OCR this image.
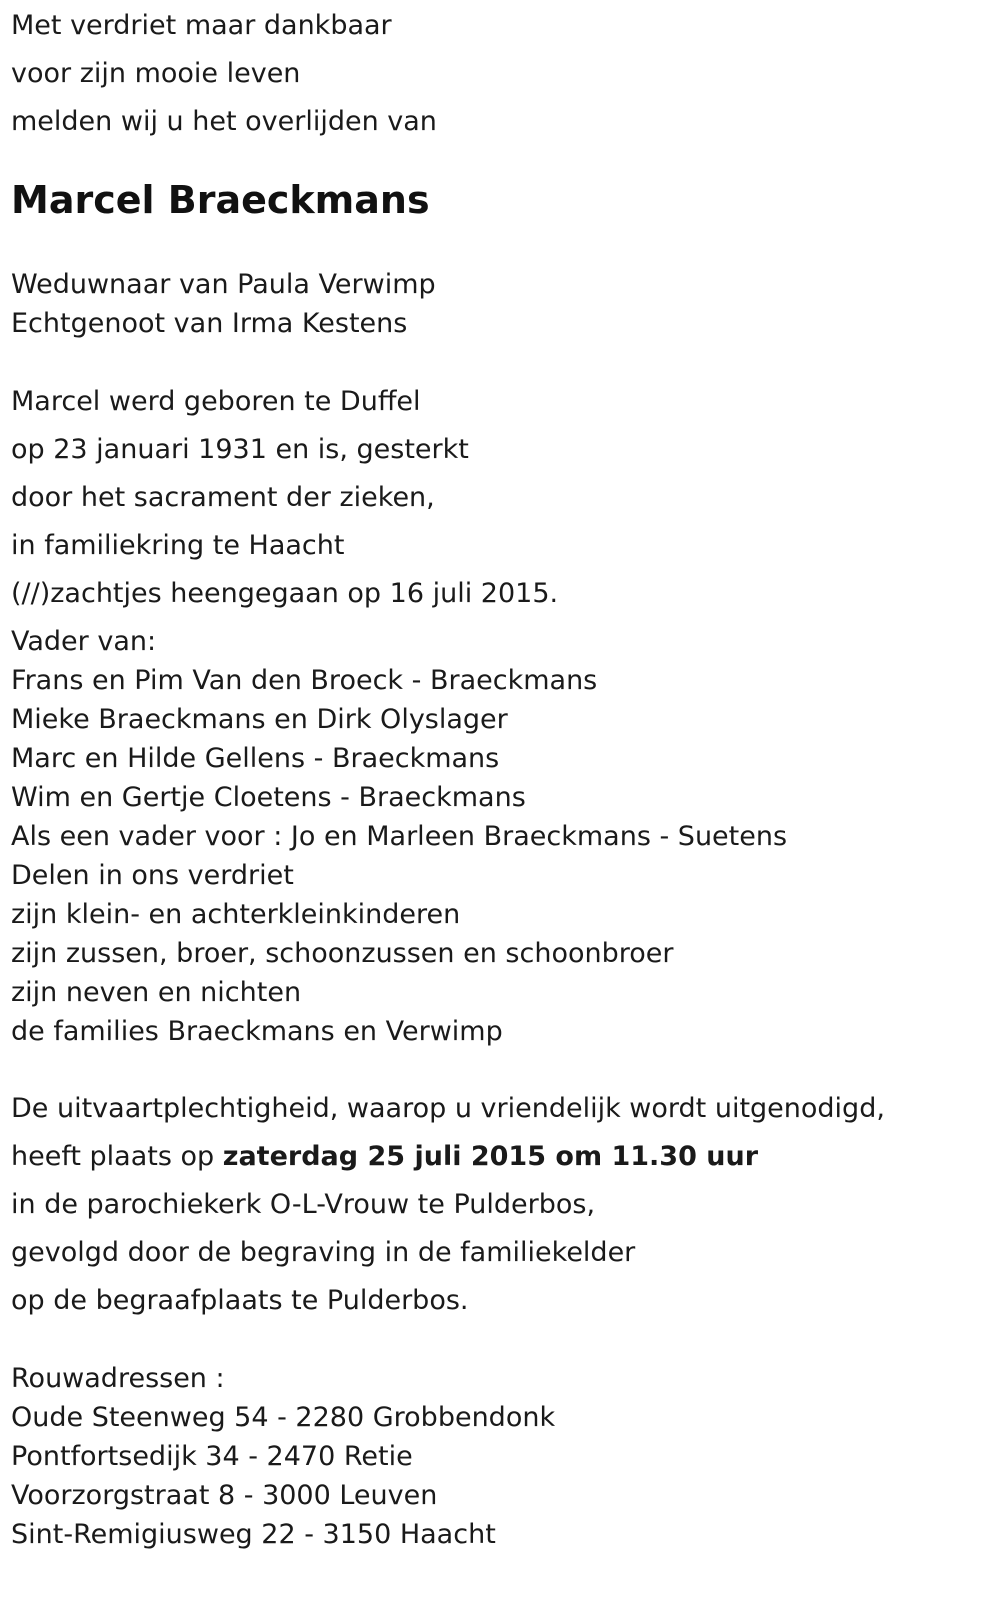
Met verdriet maar dankbaar
voor zijn mooie leven
melden wij u het overlijden van
Marcel Braeckmans
Weduwnaar van Paula Verwimp
Echtgenoot van Irma Kestens
Marcel werd geboren te Duffel
op 23 januari 1931 en is, gesterkt
door het sacrament der zieken,
in familiekring te Haacht
(//)zachtjes heengegaan op 16 juli 2015.
Vader van:
Frans en Pim Van den Broeck - Braeckmans
Mieke Braeckmans en Dirk Olyslager
Marc en Hilde Gellens - Braeckmans
Wim en Gertje Cloetens - Braeckmans
Als een vader voor : Jo en Marleen Braeckmans - Suetens
Delen in ons verdriet
zijn klein- en achterkleinkinderen
zijn zussen, broer, schoonzussen en schoonbroer
zijn neven en nichten
de families Braeckmans en Verwimp
De uitvaartplechtigheid, waarop u vriendelijk wordt uitgenodigd,
heeft plaats op zaterdag 25 juli 2015 om 11.30 uur
in de parochiekerk O-L-Vrouw te Pulderbos,
gevolgd door de begraving in de familiekelder
op de begraafplaats te Pulderbos.
Rouwadressen :
Oude Steenweg 54 - 2280 Grobbendonk
Pontfortsedijk 34 - 2470 Retie
Voorzorgstraat 8 - 3000 Leuven
Sint-Remigiusweg 22 - 3150 Haacht
